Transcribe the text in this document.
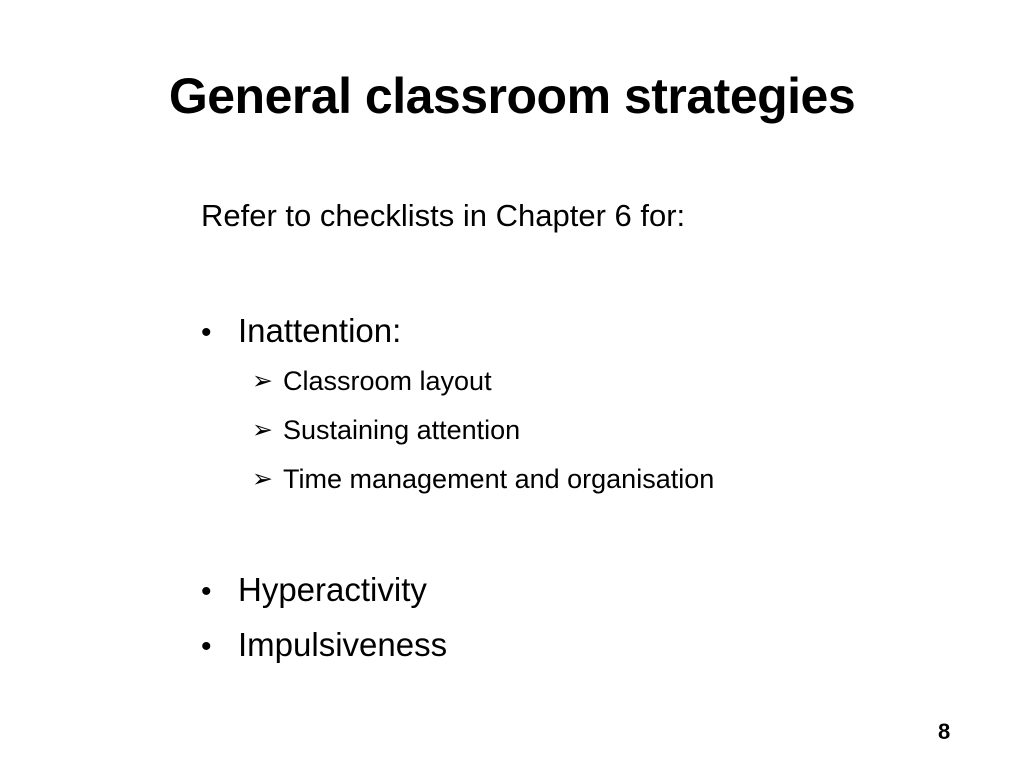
General classroom strategies
Refer to checklists in Chapter 6 for:
• Inattention:
➢ Classroom layout
➢ Sustaining attention
➢ Time management and organisation
• Hyperactivity
• Impulsiveness
8
